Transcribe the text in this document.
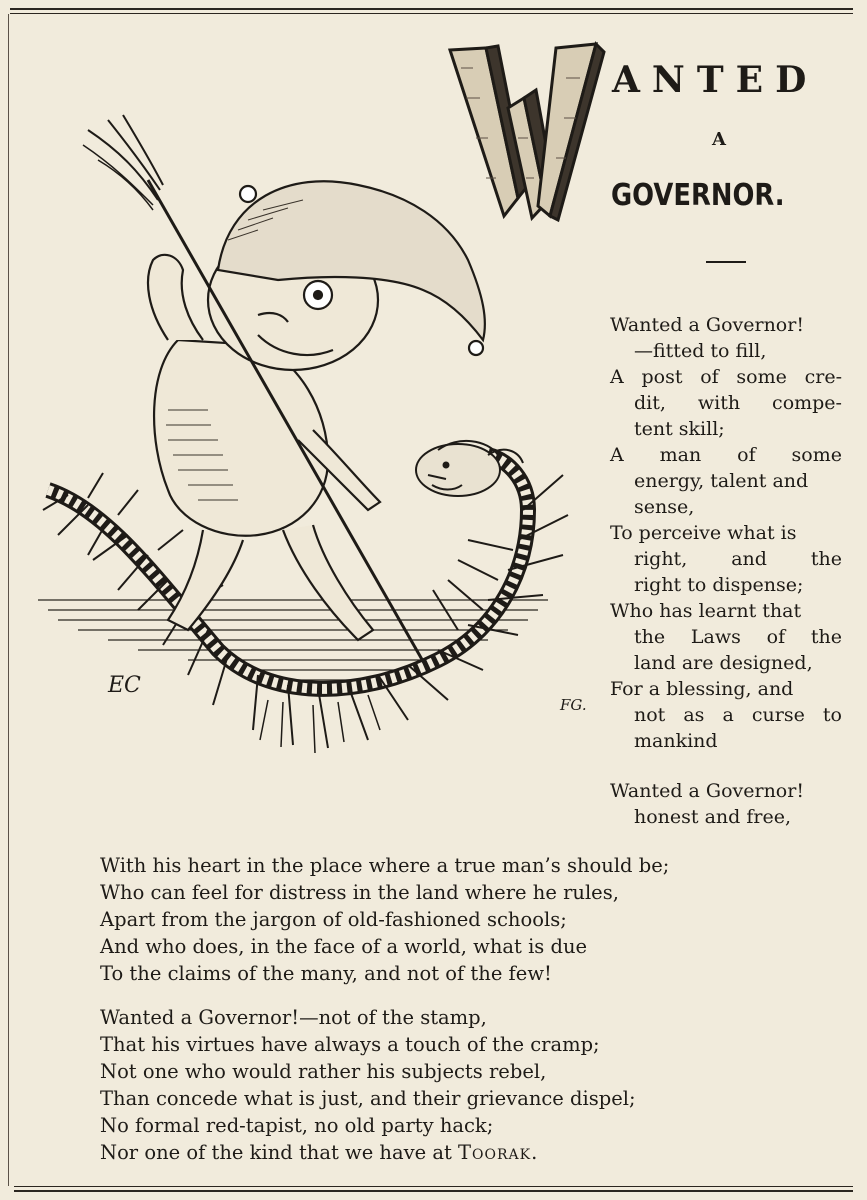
EC
FG.
ANTED
A
GOVERNOR.
Wanted a Governor!
—fitted to fill,
A post of some cre-
dit, with compe-
tent skill;
A man of some
energy, talent and
sense,
To perceive what is
right, and the
right to dispense;
Who has learnt that
the Laws of the
land are designed,
For a blessing, and
not as a curse to
mankind
Wanted a Governor!
honest and free,
With his heart in the place where a true man’s should be;
Who can feel for distress in the land where he rules,
Apart from the jargon of old-fashioned schools;
And who does, in the face of a world, what is due
To the claims of the many, and not of the few!
Wanted a Governor!—not of the stamp,
That his virtues have always a touch of the cramp;
Not one who would rather his subjects rebel,
Than concede what is just, and their grievance dispel;
No formal red-tapist, no old party hack;
Nor one of the kind that we have at Toorak.
